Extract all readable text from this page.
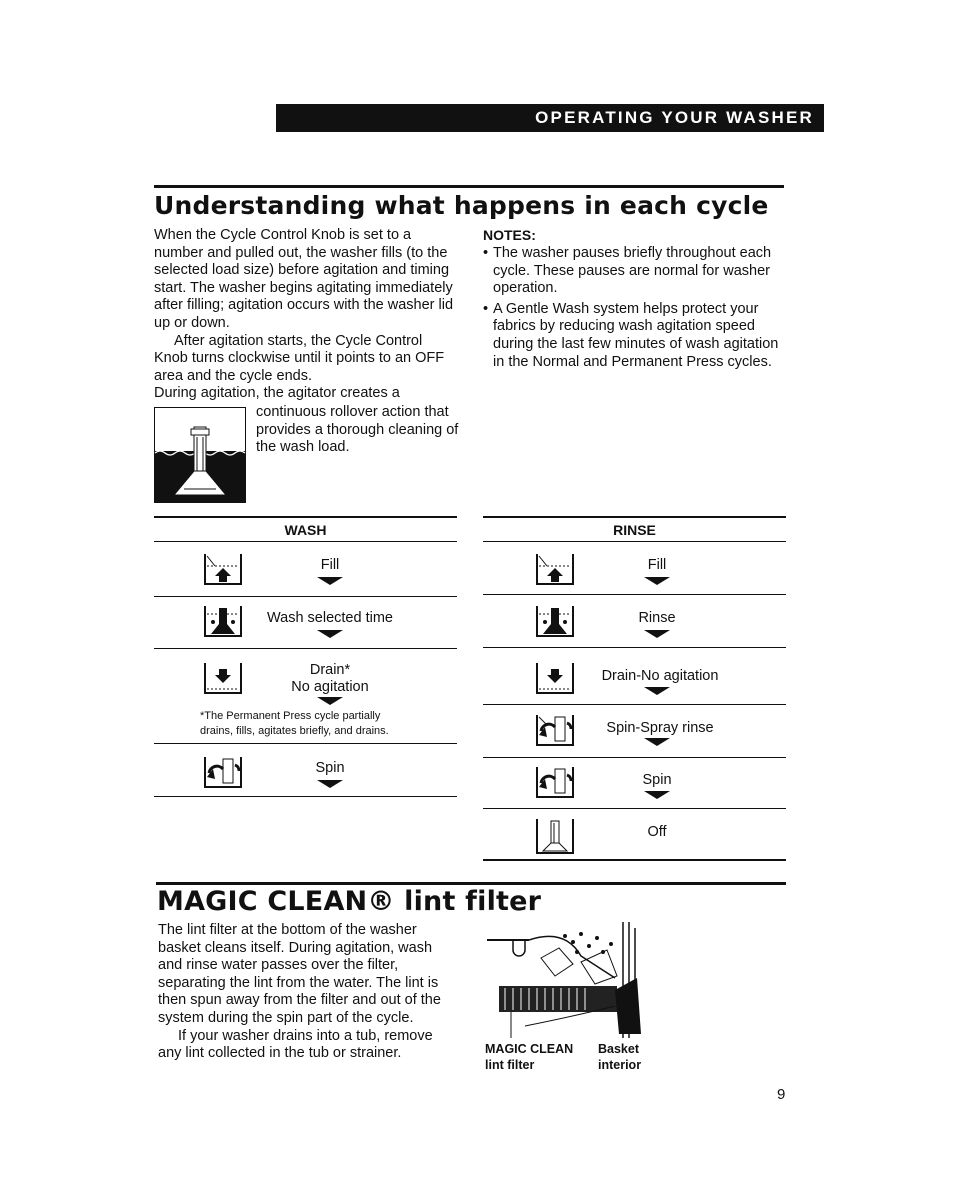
OPERATING YOUR WASHER
Understanding what happens in each cycle

When the Cycle Control Knob is set to a number and pulled out, the washer fills (to the selected load size) before agitation and timing start. The washer begins agitating immediately after filling; agitation occurs with the washer lid up or down.

After agitation starts, the Cycle Control Knob turns clockwise until it points to an OFF area and the cycle ends.

During agitation, the agitator creates a

continuous rollover action that provides a thorough cleaning of the wash load.
NOTES:
• The washer pauses briefly throughout each cycle. These pauses are normal for washer operation.
• A Gentle Wash system helps protect your fabrics by reducing wash agitation speed during the last few minutes of wash agitation in the Normal and Permanent Press cycles.
WASH
Fill
Wash selected time
Drain*
No agitation
*The Permanent Press cycle partially
drains, fills, agitates briefly, and drains.
Spin
RINSE
Fill
Rinse
Drain-No agitation
Spin-Spray rinse
Spin
Off
MAGIC CLEAN® lint filter

The lint filter at the bottom of the washer basket cleans itself. During agitation, wash and rinse water passes over the filter, separating the lint from the water. The lint is then spun away from the filter and out of the system during the spin part of the cycle.

If your washer drains into a tub, remove any lint collected in the tub or strainer.	MAGIC CLEAN
lint filter
Basket
interior
9
